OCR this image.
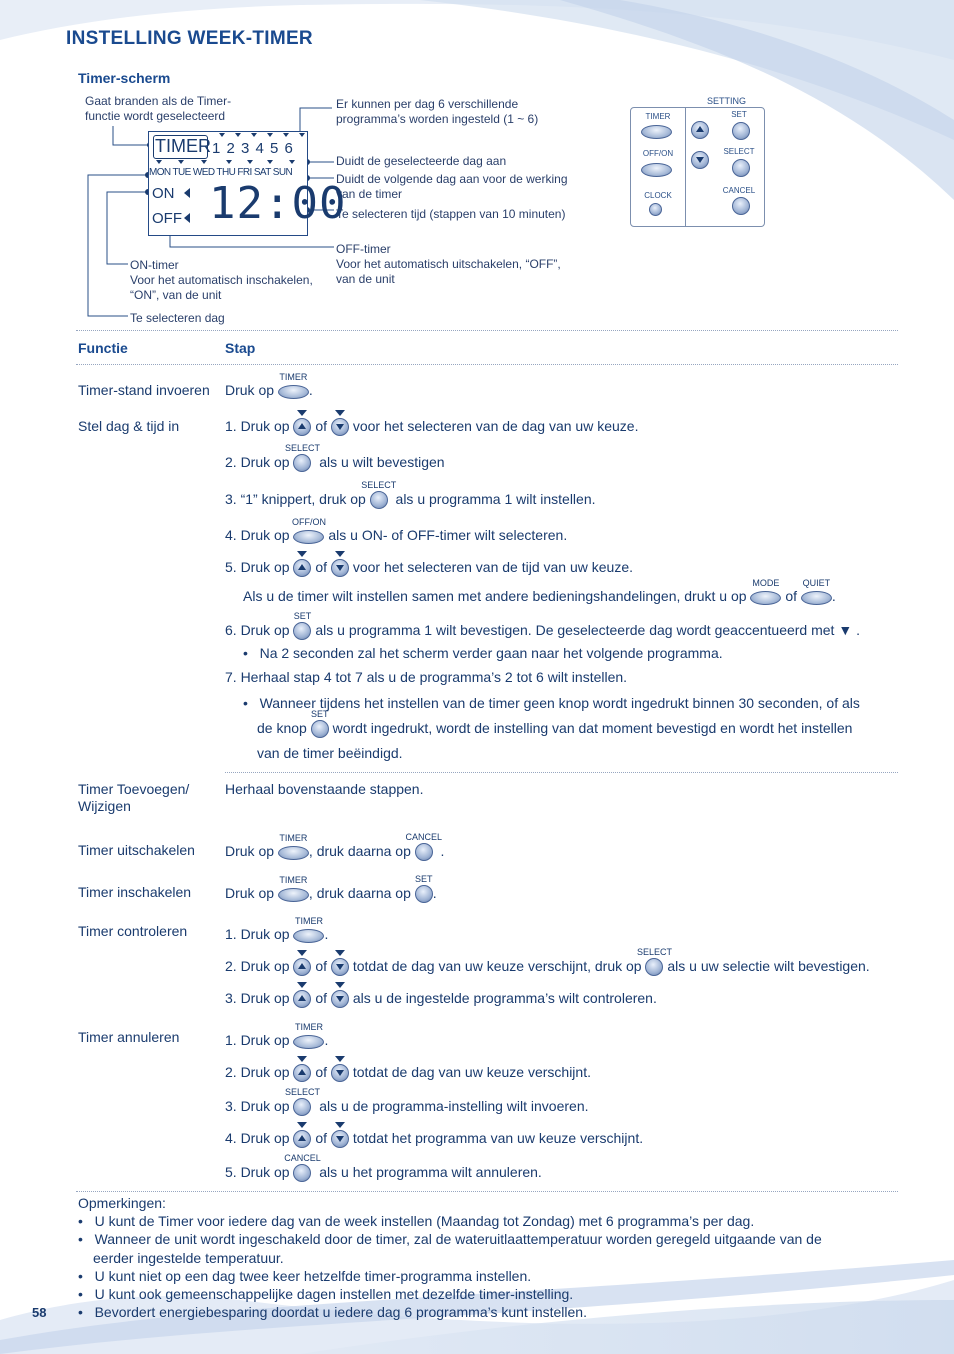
INSTELLING WEEK-TIMER
Timer-scherm
Gaat branden als de Timer-
functie wordt geselecteerd
Er kunnen per dag 6 verschillende
programma’s worden ingesteld (1 ~ 6)
Duidt de geselecteerde dag aan
Duidt de volgende dag aan voor de werking
van de timer
Te selecteren tijd (stappen van 10 minuten)
OFF-timer
Voor het automatisch uitschakelen, “OFF”,
van de unit
ON-timer
Voor het automatisch inschakelen,
“ON”, van de unit
Te selecteren dag
TIMER 1 2 3 4 5 6
MON TUE WED THU FRI SAT SUN
ON
OFF 12:00
SETTING
TIMER
OFF/ON
CLOCK
SET
SELECT
CANCEL
Functie	Stap
Timer-stand invoeren
Stel dag & tijd in
Timer Toevoegen/
Wijzigen
Timer uitschakelen
Timer inschakelen
Timer controleren
Timer annuleren
Druk op
TIMER
.
1. Druk op of voor het selecteren van de dag van uw keuze.
2. Druk op
SELECT
als u wilt bevestigen
3. “1” knippert, druk op
SELECT
als u programma 1 wilt instellen.
4. Druk op
OFF/ON
als u ON- of OFF-timer wilt selecteren.
5. Druk op of voor het selecteren van de tijd van uw keuze.
Als u de timer wilt instellen samen met andere bedieningshandelingen, drukt u op
MODE
of
QUIET
.
6. Druk op
SET
als u programma 1 wilt bevestigen. De geselecteerde dag wordt geaccentueerd met ▼ .
•   Na 2 seconden zal het scherm verder gaan naar het volgende programma.
7. Herhaal stap 4 tot 7 als u de programma’s 2 tot 6 wilt instellen.
•   Wanneer tijdens het instellen van de timer geen knop wordt ingedrukt binnen 30 seconden, of als
de knop
SET
wordt ingedrukt, wordt de instelling van dat moment bevestigd en wordt het instellen
van de timer beëindigd.
Herhaal bovenstaande stappen.
Druk op
TIMER
, druk daarna op
CANCEL
.
Druk op
TIMER
, druk daarna op
SET
.
1. Druk op
TIMER
.
2. Druk op of totdat de dag van uw keuze verschijnt, druk op
SELECT
als u uw selectie wilt bevestigen.
3. Druk op of als u de ingestelde programma’s wilt controleren.
1. Druk op
TIMER
.
2. Druk op of totdat de dag van uw keuze verschijnt.
3. Druk op
SELECT
als u de programma-instelling wilt invoeren.
4. Druk op of totdat het programma van uw keuze verschijnt.
5. Druk op
CANCEL
als u het programma wilt annuleren.
Opmerkingen:
•   U kunt de Timer voor iedere dag van de week instellen (Maandag tot Zondag) met 6 programma’s per dag.
•   Wanneer de unit wordt ingeschakeld door de timer, zal de wateruitlaattemperatuur worden geregeld uitgaande van de
eerder ingestelde temperatuur.
•   U kunt niet op een dag twee keer hetzelfde timer-programma instellen.
•   U kunt ook gemeenschappelijke dagen instellen met dezelfde timer-instelling.
•   Bevordert energiebesparing doordat u iedere dag 6 programma’s kunt instellen.
58
